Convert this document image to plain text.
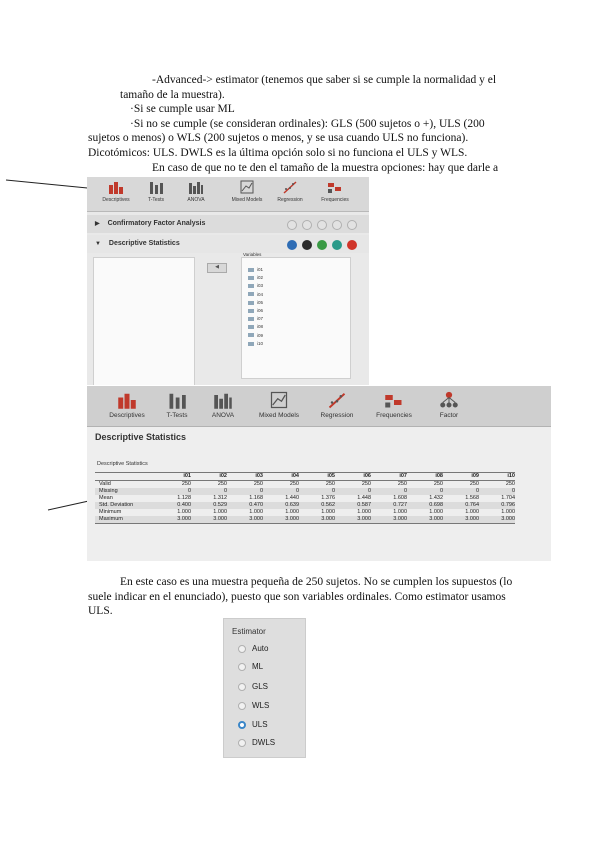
-Advanced-> estimator (tenemos que saber si se cumple la normalidad y el tamaño de la muestra).
·Si se cumple usar ML
·Si no se cumple (se consideran ordinales): GLS (500 sujetos o +), ULS (200 sujetos o menos) o WLS (200 sujetos o menos, y se usa cuando ULS no funciona). Dicotómicos: ULS. DWLS es la última opción solo si no funciona el ULS y WLS.
En caso de que no te den el tamaño de la muestra opciones: hay que darle a
Descriptives	T-Tests	ANOVA	Mixed Models	Regression	Frequencies
▶ Confirmatory Factor Analysis

▼ Descriptive Statistics

◀
Variables
i01
i02
i03
i04
i05
i06
i07
i08
i09
i10
Descriptives	T-Tests	ANOVA	Mixed Models	Regression	Frequencies	Factor
Descriptive Statistics
Descriptive Statistics
	i01	i02	i03	i04	i05	i06	i07	i08	i09	i10
Valid	250	250	250	250	250	250	250	250	250	250
Missing	0	0	0	0	0	0	0	0	0	0
Mean	1.128	1.312	1.168	1.440	1.376	1.448	1.608	1.432	1.568	1.704
Std. Deviation	0.400	0.529	0.470	0.639	0.562	0.587	0.727	0.698	0.764	0.796
Minimum	1.000	1.000	1.000	1.000	1.000	1.000	1.000	1.000	1.000	1.000
Maximum	3.000	3.000	3.000	3.000	3.000	3.000	3.000	3.000	3.000	3.000
En este caso es una muestra pequeña de 250 sujetos. No se cumplen los supuestos (lo suele indicar en el enunciado), puesto que son variables ordinales. Como estimator usamos ULS.
Estimator
Auto
ML
GLS
WLS
ULS
DWLS
